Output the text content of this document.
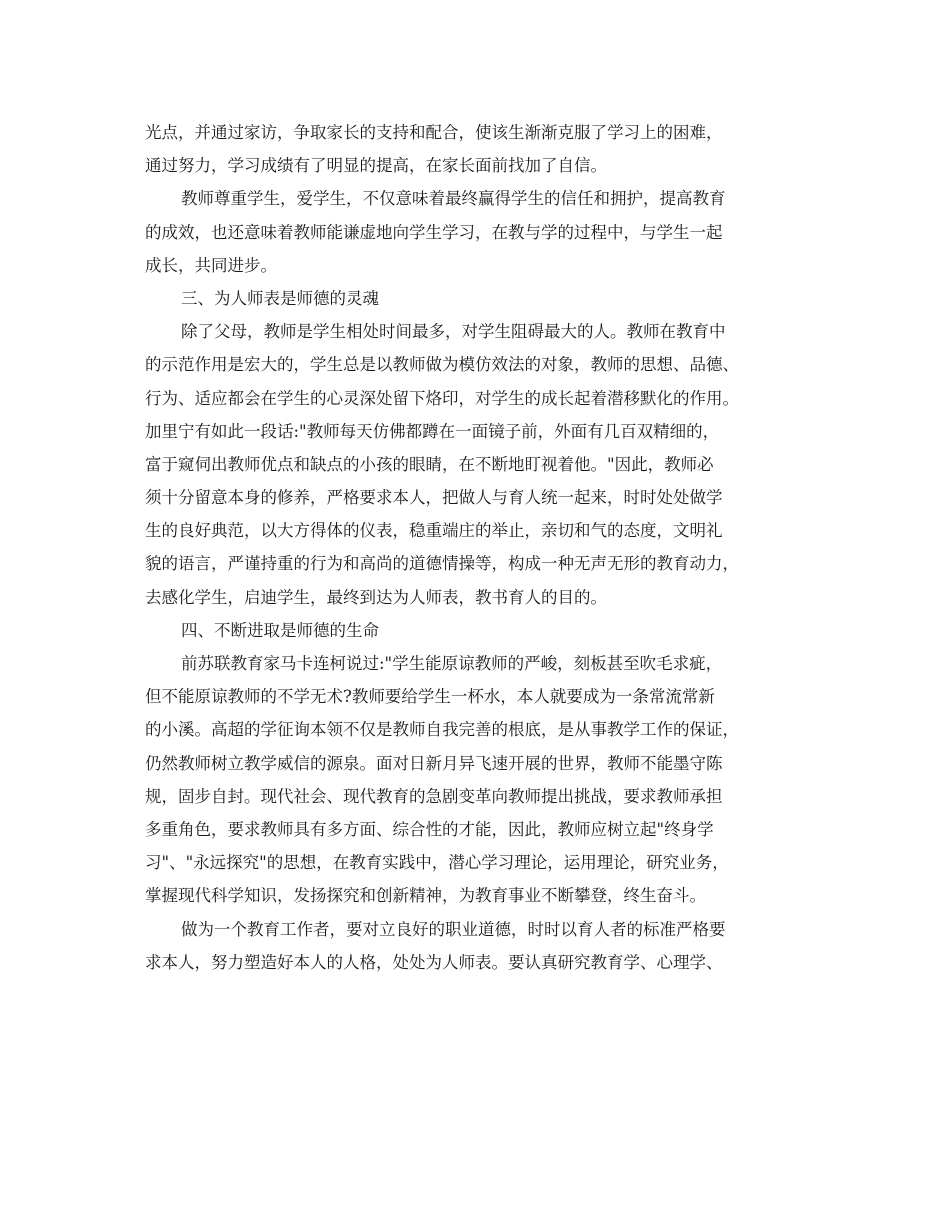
光点，并通过家访，争取家长的支持和配合，使该生渐渐克服了学习上的困难，
通过努力，学习成绩有了明显的提高，在家长面前找加了自信。
教师尊重学生，爱学生，不仅意味着最终赢得学生的信任和拥护，提高教育
的成效，也还意味着教师能谦虚地向学生学习，在教与学的过程中，与学生一起
成长，共同进步。
三、为人师表是师德的灵魂
除了父母，教师是学生相处时间最多，对学生阻碍最大的人。教师在教育中
的示范作用是宏大的，学生总是以教师做为模仿效法的对象，教师的思想、品德、
行为、适应都会在学生的心灵深处留下烙印，对学生的成长起着潜移默化的作用。
加里宁有如此一段话:"教师每天仿佛都蹲在一面镜子前，外面有几百双精细的，
富于窥伺出教师优点和缺点的小孩的眼睛，在不断地盯视着他。"因此，教师必
须十分留意本身的修养，严格要求本人，把做人与育人统一起来，时时处处做学
生的良好典范，以大方得体的仪表，稳重端庄的举止，亲切和气的态度，文明礼
貌的语言，严谨持重的行为和高尚的道德情操等，构成一种无声无形的教育动力，
去感化学生，启迪学生，最终到达为人师表，教书育人的目的。
四、不断进取是师德的生命
前苏联教育家马卡连柯说过:"学生能原谅教师的严峻，刻板甚至吹毛求疵，
但不能原谅教师的不学无术?教师要给学生一杯水，本人就要成为一条常流常新
的小溪。高超的学征询本领不仅是教师自我完善的根底，是从事教学工作的保证，
仍然教师树立教学威信的源泉。面对日新月异飞速开展的世界，教师不能墨守陈
规，固步自封。现代社会、现代教育的急剧变革向教师提出挑战，要求教师承担
多重角色，要求教师具有多方面、综合性的才能，因此，教师应树立起"终身学
习"、"永远探究"的思想，在教育实践中，潜心学习理论，运用理论，研究业务，
掌握现代科学知识，发扬探究和创新精神，为教育事业不断攀登，终生奋斗。
做为一个教育工作者，要对立良好的职业道德，时时以育人者的标准严格要
求本人，努力塑造好本人的人格，处处为人师表。要认真研究教育学、心理学、
